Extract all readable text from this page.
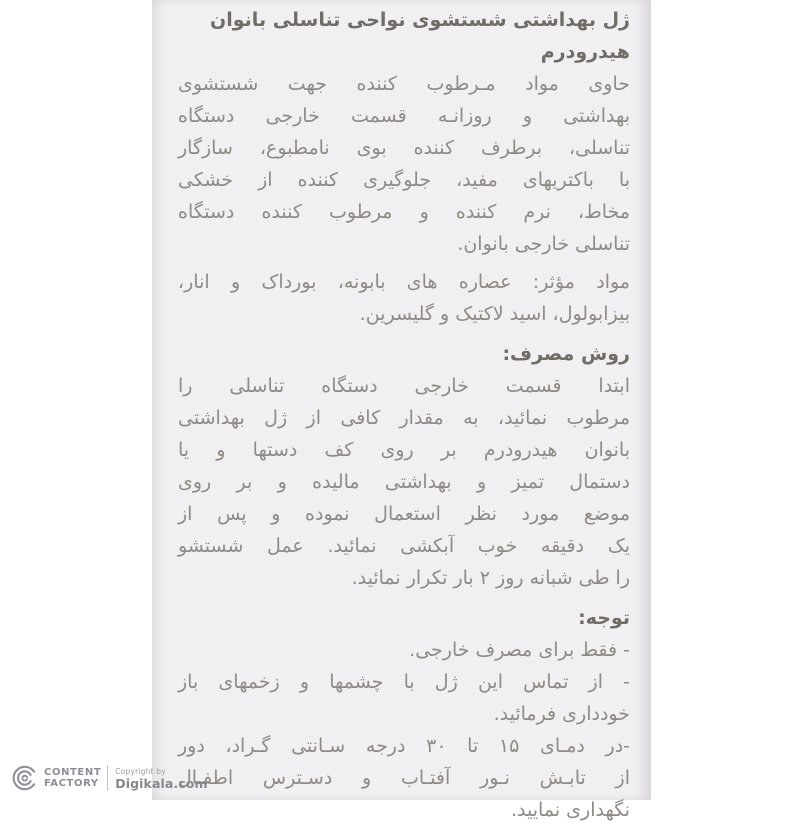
ژل بهداشتی شستشوی نواحی تناسلی بانوان هیدرودرم
حاوی مواد مـرطوب کننده جهت شستشوی
بهداشتی و روزانـه قسمت خارجی دستگاه
تناسلی، برطرف کننده بوی نامطبوع، سازگار
با باکتریهای مفید، جلوگیری کننده از خشکی
مخاط، نرم کننده و مرطوب کننده دستگاه
تناسلی خارجی بانوان.
مواد مؤثر: عصاره های بابونه، بورداک و انار،
بیزابولول، اسید لاکتیک و گلیسرین.
روش مصرف:
ابتدا قسمت خارجی دستگاه تناسلی را
مرطوب نمائید، به مقدار کافی از ژل بهداشتی
بانوان هیدرودرم بر روی کف دستها و یا
دستمال تمیز و بهداشتی مالیده و بر روی
موضع مورد نظر استعمال نموده و پس از
یک دقیقه خوب آبکشی نمائید. عمل شستشو
را طی شبانه روز ۲ بار تکرار نمائید.
توجه:
- فقط برای مصرف خارجی.
- از تماس این ژل با چشمها و زخمهای باز
خودداری فرمائید.
-در دمـای ۱۵ تا ۳۰ درجه سـانتی گـراد، دور
از تابـش نـور آفتـاب و دسـترس اطفـال
نگهداری نمایید.
CONTENT
FACTORY
Copyright by
Digikala.com
